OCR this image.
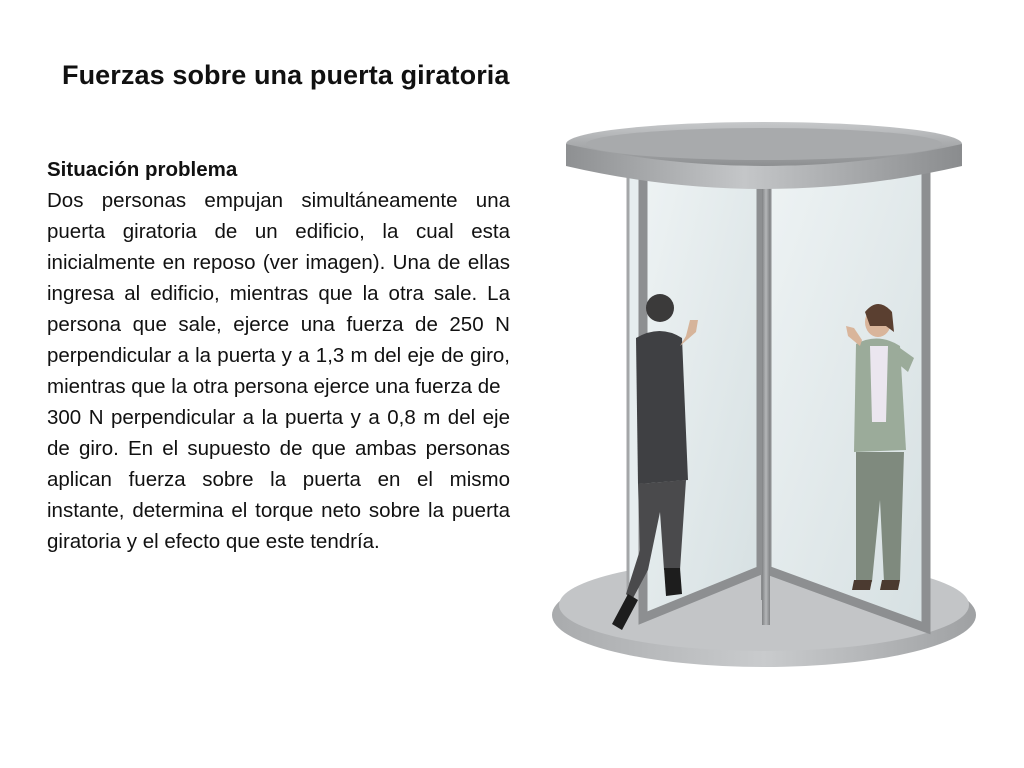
Fuerzas sobre una puerta giratoria

Situación problema

Dos personas empujan simultáneamente una puerta giratoria de un edificio, la cual esta inicialmente en reposo (ver imagen). Una de ellas ingresa al edificio, mientras que la otra sale. La persona que sale, ejerce una fuerza de 250 N perpendicular a la puerta y a 1,3 m del eje de giro, mientras que la otra persona ejerce una fuerza de
300 N perpendicular a la puerta y a 0,8 m del eje de giro. En el supuesto de que ambas personas aplican fuerza sobre la puerta en el mismo instante, determina el torque neto sobre la puerta giratoria y el efecto que este tendría.
